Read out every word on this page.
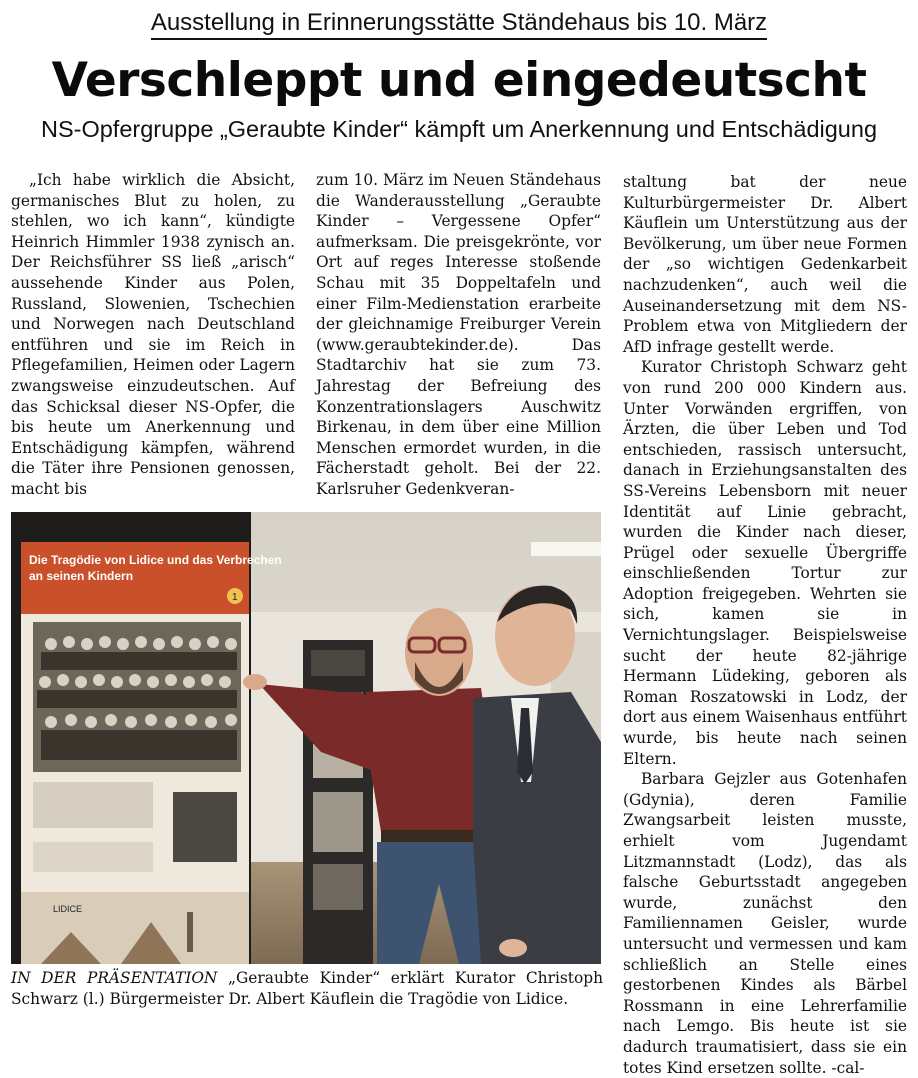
Ausstellung in Erinnerungsstätte Ständehaus bis 10. März
Verschleppt und eingedeutscht
NS-Opfergruppe „Geraubte Kinder“ kämpft um Anerkennung und Entschädigung

„Ich habe wirklich die Absicht, germanisches Blut zu holen, zu stehlen, wo ich kann“, kündigte Heinrich Himmler 1938 zynisch an. Der Reichsführer SS ließ „arisch“ aussehende Kinder aus Polen, Russland, Slowenien, Tschechien und Norwegen nach Deutschland entführen und sie im Reich in Pflegefamilien, Heimen oder Lagern zwangsweise einzudeutschen. Auf das Schicksal dieser NS-Opfer, die bis heute um Anerkennung und Entschädigung kämpfen, während die Täter ihre Pensionen genossen, macht bis

zum 10. März im Neuen Ständehaus die Wanderausstellung „Geraubte Kinder – Vergessene Opfer“ aufmerksam. Die preisgekrönte, vor Ort auf reges Interesse stoßende Schau mit 35 Doppeltafeln und einer Film-Medienstation erarbeite der gleichnamige Freiburger Verein (www.geraubtekinder.de). Das Stadtarchiv hat sie zum 73. Jahrestag der Befreiung des Konzentrationslagers Auschwitz Birkenau, in dem über eine Million Menschen ermordet wurden, in die Fächerstadt geholt. Bei der 22. Karlsruher Gedenkveran-

staltung bat der neue Kulturbürgermeister Dr. Albert Käuflein um Unterstützung aus der Bevölkerung, um über neue Formen der „so wichtigen Gedenkarbeit nachzudenken“, auch weil die Auseinandersetzung mit dem NS-Problem etwa von Mitgliedern der AfD infrage gestellt werde.

Kurator Christoph Schwarz geht von rund 200 000 Kindern aus. Unter Vorwänden ergriffen, von Ärzten, die über Leben und Tod entschieden, rassisch untersucht, danach in Erziehungsanstalten des SS-Vereins Lebensborn mit neuer Identität auf Linie gebracht, wurden die Kinder nach dieser, Prügel oder sexuelle Übergriffe einschließenden Tortur zur Adoption freigegeben. Wehrten sie sich, kamen sie in Vernichtungslager. Beispielsweise sucht der heute 82-jährige Hermann Lüdeking, geboren als Roman Roszatowski in Lodz, der dort aus einem Waisenhaus entführt wurde, bis heute nach seinen Eltern.

Barbara Gejzler aus Gotenhafen (Gdynia), deren Familie Zwangsarbeit leisten musste, erhielt vom Jugendamt Litzmannstadt (Lodz), das als falsche Geburtsstadt angegeben wurde, zunächst den Familiennamen Geisler, wurde untersucht und vermessen und kam schließlich an Stelle eines gestorbenen Kindes als Bärbel Rossmann in eine Lehrerfamilie nach Lemgo. Bis heute ist sie dadurch traumatisiert, dass sie ein totes Kind ersetzen sollte. -cal-

Die Tragödie von Lidice und das Verbrechen
an seinen Kindern
1
LIDICE
IN DER PRÄSENTATION „Geraubte Kinder“ erklärt Kurator Christoph Schwarz (l.) Bürgermeister Dr. Albert Käuflein die Tragödie von Lidice.
